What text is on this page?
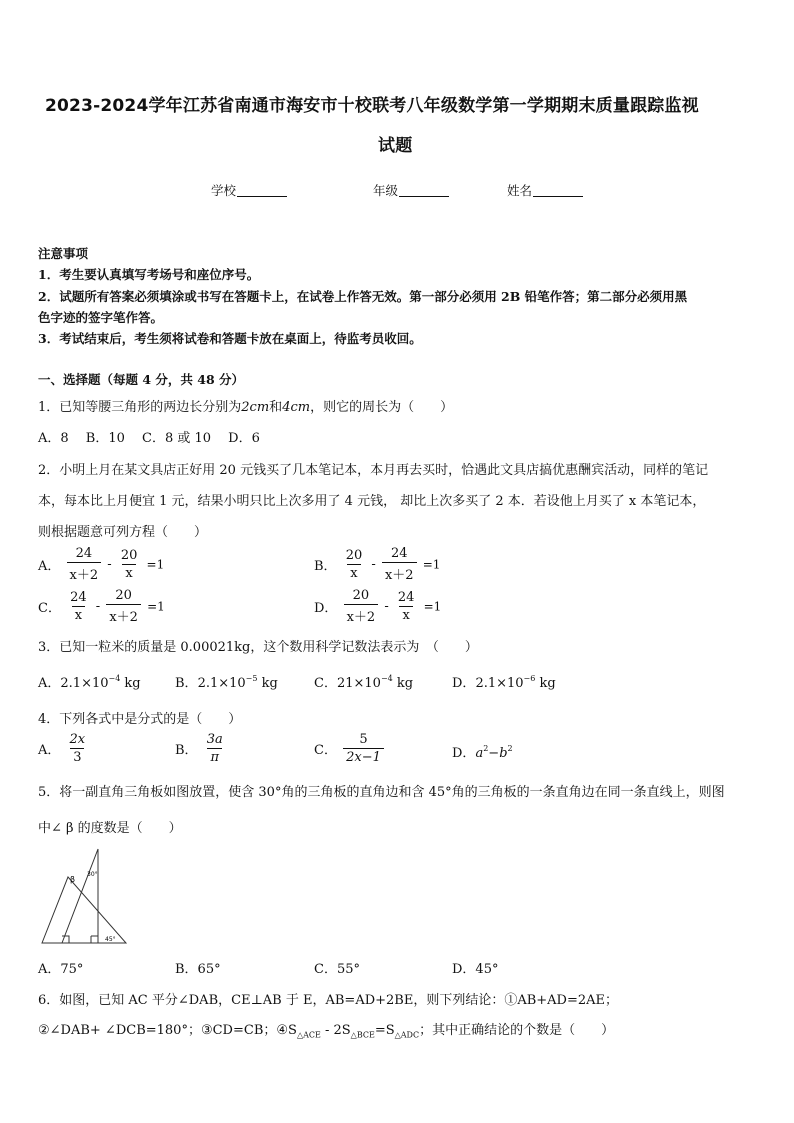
2023-2024学年江苏省南通市海安市十校联考八年级数学第一学期期末质量跟踪监视
试题
学校	年级	姓名
注意事项
1．考生要认真填写考场号和座位序号。
2．试题所有答案必须填涂或书写在答题卡上，在试卷上作答无效。第一部分必须用 2B 铅笔作答；第二部分必须用黑
色字迹的签字笔作答。
3．考试结束后，考生须将试卷和答题卡放在桌面上，待监考员收回。
一、选择题（每题 4 分，共 48 分）
1．已知等腰三角形的两边长分别为2cm和4cm，则它的周长为（　　）
A．8　 B．10　 C．8 或 10　 D．6
2．小明上月在某文具店正好用 20 元钱买了几本笔记本，本月再去买时，恰遇此文具店搞优惠酬宾活动，同样的笔记
本，每本比上月便宜 1 元，结果小明只比上次多用了 4 元钱， 却比上次多买了 2 本．若设他上月买了 x 本笔记本，
则根据题意可列方程（　　）
A． $\frac{24}{x+2} - \frac{20}{x} =1$	B． $\frac{20}{x} - \frac{24}{x+2} =1$
C． $\frac{24}{x} - \frac{20}{x+2} =1$	D． $\frac{20}{x+2} - \frac{24}{x} =1$
3．已知一粒米的质量是 0.00021kg，这个数用科学记数法表示为　（　　）
A．$2.1\times 10^{-4}$ kg	B．$2.1\times 10^{-5}$ kg	C．$21\times 10^{-4}$ kg	D．$2.1\times 10^{-6}$ kg
4．下列各式中是分式的是（　　）
A． $\frac{2x}{3}$	B． $\frac{3a}{\pi}$	C． $\frac{5}{2x-1}$	D．$a^2-b^2$
5．将一副直角三角板如图放置，使含 30°角的三角板的直角边和含 45°角的三角板的一条直角边在同一条直线上，则图
中∠ β 的度数是（　　）
β
30°
45°
A．75°	B．65°	C．55°	D．45°
6．如图，已知 AC 平分∠DAB，CE⊥AB 于 E，AB=AD+2BE，则下列结论：①AB+AD=2AE；
②∠DAB+ ∠DCB=180°；③CD=CB；$④S_{\triangle ACE} - 2S_{\triangle BCE}=S_{\triangle ADC}$；其中正确结论的个数是（　　）
